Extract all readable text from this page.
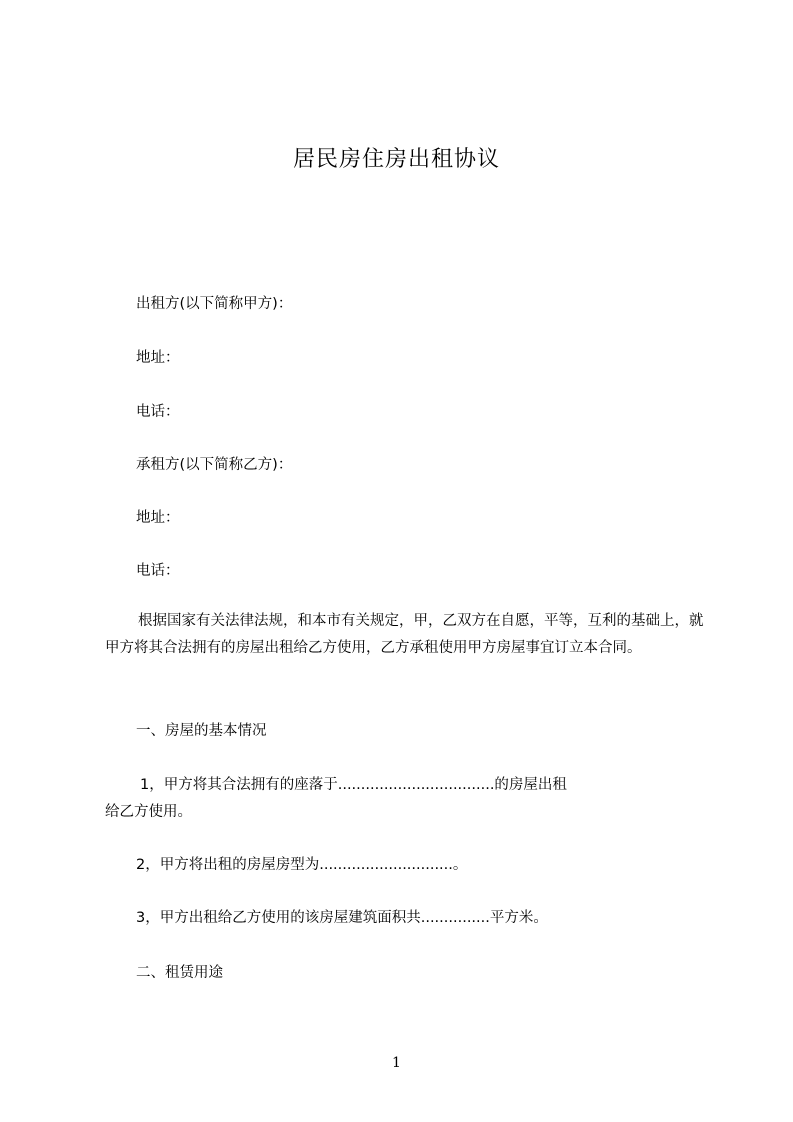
居民房住房出租协议
出租方(以下简称甲方)：
地址：
电话：
承租方(以下简称乙方)：
地址：
电话：
根据国家有关法律法规，和本市有关规定，甲，乙双方在自愿，平等，互利的基础上，就甲方将其合法拥有的房屋出租给乙方使用，乙方承租使用甲方房屋事宜订立本合同。
一、房屋的基本情况
1，甲方将其合法拥有的座落于..................................的房屋出租
给乙方使用。
2，甲方将出租的房屋房型为.............................。
3，甲方出租给乙方使用的该房屋建筑面积共...............平方米。
二、租赁用途
1
